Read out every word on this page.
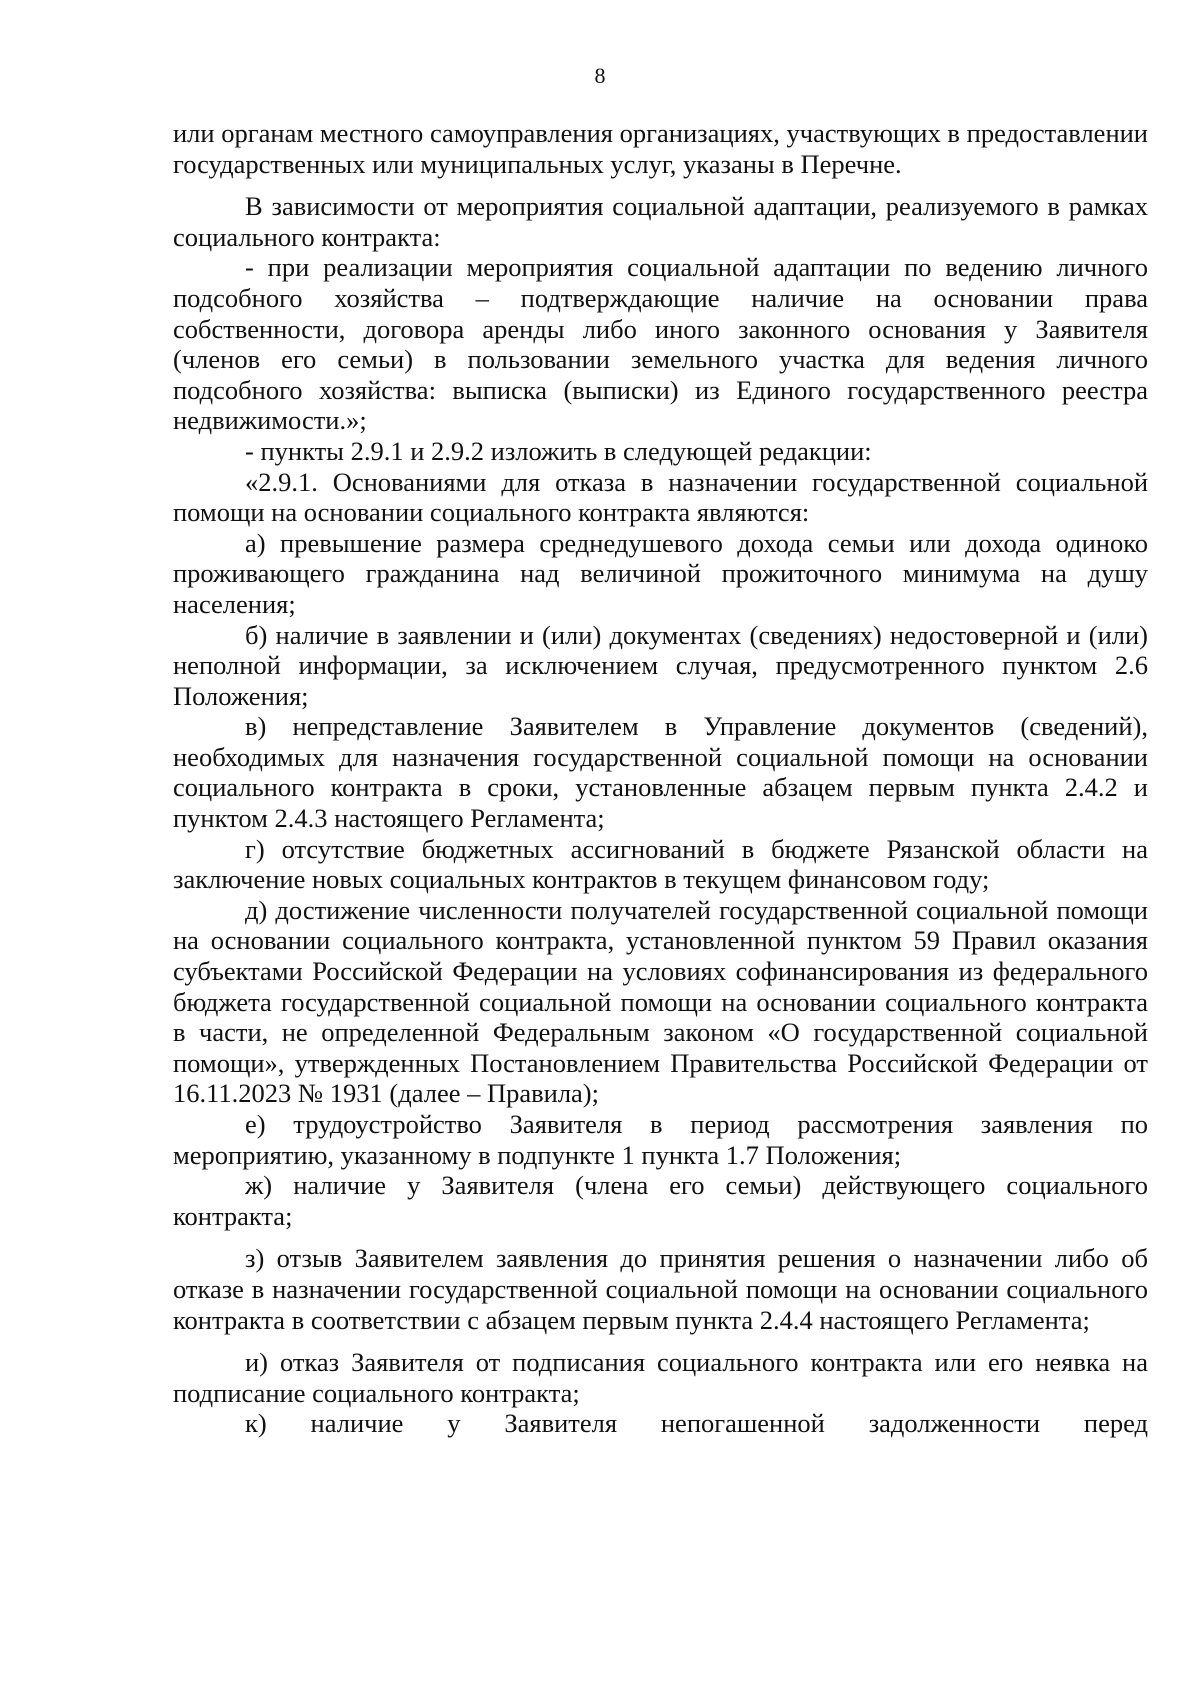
8

или органам местного самоуправления организациях, участвующих в предоставлении государственных или муниципальных услуг, указаны в Перечне.

В зависимости от мероприятия социальной адаптации, реализуемого в рамках социального контракта:

- при реализации мероприятия социальной адаптации по ведению личного подсобного хозяйства – подтверждающие наличие на основании права собственности, договора аренды либо иного законного основания у Заявителя (членов его семьи) в пользовании земельного участка для ведения личного подсобного хозяйства: выписка (выписки) из Единого государственного реестра недвижимости.»;

- пункты 2.9.1 и 2.9.2 изложить в следующей редакции:

«2.9.1. Основаниями для отказа в назначении государственной социальной помощи на основании социального контракта являются:

а) превышение размера среднедушевого дохода семьи или дохода одиноко проживающего гражданина над величиной прожиточного минимума на душу населения;

б) наличие в заявлении и (или) документах (сведениях) недостоверной и (или) неполной информации, за исключением случая, предусмотренного пунктом 2.6 Положения;

в) непредставление Заявителем в Управление документов (сведений), необходимых для назначения государственной социальной помощи на основании социального контракта в сроки, установленные абзацем первым пункта 2.4.2 и пунктом 2.4.3 настоящего Регламента;

г) отсутствие бюджетных ассигнований в бюджете Рязанской области на заключение новых социальных контрактов в текущем финансовом году;

д) достижение численности получателей государственной социальной помощи на основании социального контракта, установленной пунктом 59 Правил оказания субъектами Российской Федерации на условиях софинансирования из федерального бюджета государственной социальной помощи на основании социального контракта в части, не определенной Федеральным законом «О государственной социальной помощи», утвержденных Постановлением Правительства Российской Федерации от 16.11.2023 № 1931 (далее – Правила);

е) трудоустройство Заявителя в период рассмотрения заявления по мероприятию, указанному в подпункте 1 пункта 1.7 Положения;

ж) наличие у Заявителя (члена его семьи) действующего социального контракта;

з) отзыв Заявителем заявления до принятия решения о назначении либо об отказе в назначении государственной социальной помощи на основании социального контракта в соответствии с абзацем первым пункта 2.4.4 настоящего Регламента;

и) отказ Заявителя от подписания социального контракта или его неявка на подписание социального контракта;

к) наличие у Заявителя непогашенной задолженности перед
